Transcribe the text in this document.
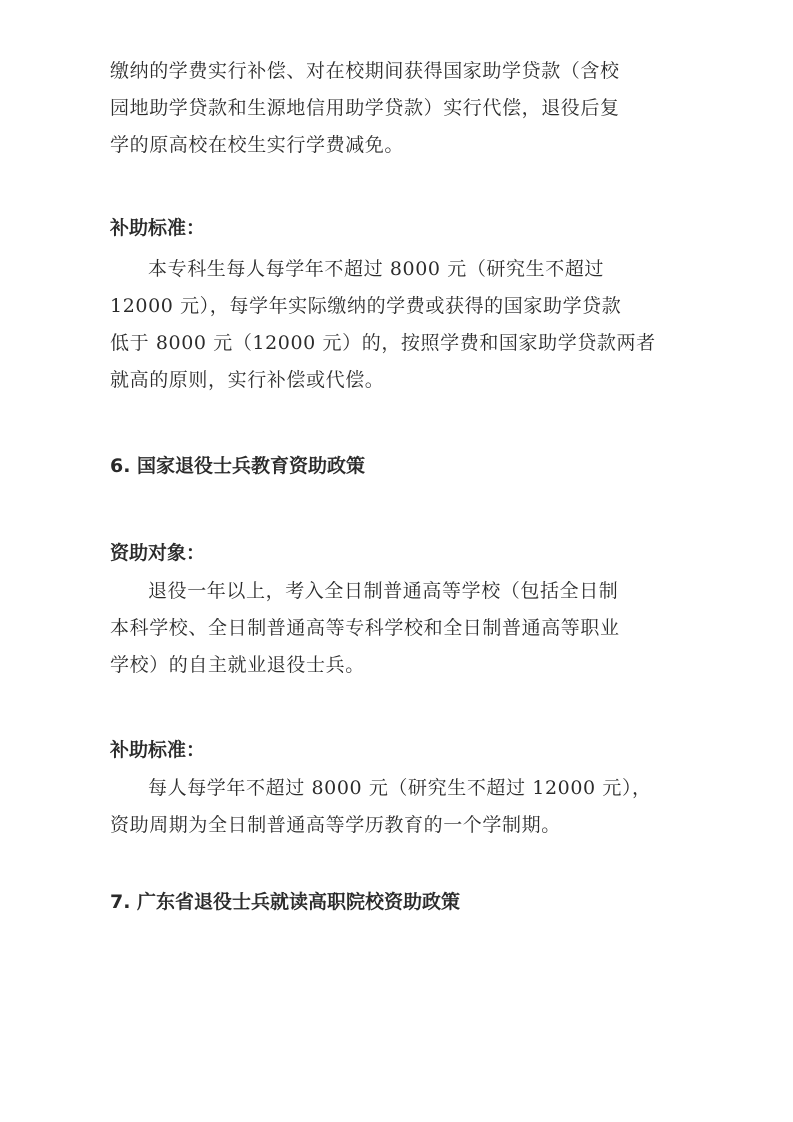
缴纳的学费实行补偿、对在校期间获得国家助学贷款（含校
园地助学贷款和生源地信用助学贷款）实行代偿，退役后复
学的原高校在校生实行学费减免。

补助标准：

本专科生每人每学年不超过 8000 元（研究生不超过
12000 元），每学年实际缴纳的学费或获得的国家助学贷款
低于 8000 元（12000 元）的，按照学费和国家助学贷款两者
就高的原则，实行补偿或代偿。

6. 国家退役士兵教育资助政策
资助对象：

退役一年以上，考入全日制普通高等学校（包括全日制
本科学校、全日制普通高等专科学校和全日制普通高等职业
学校）的自主就业退役士兵。

补助标准：

每人每学年不超过 8000 元（研究生不超过 12000 元），
资助周期为全日制普通高等学历教育的一个学制期。

7. 广东省退役士兵就读高职院校资助政策
